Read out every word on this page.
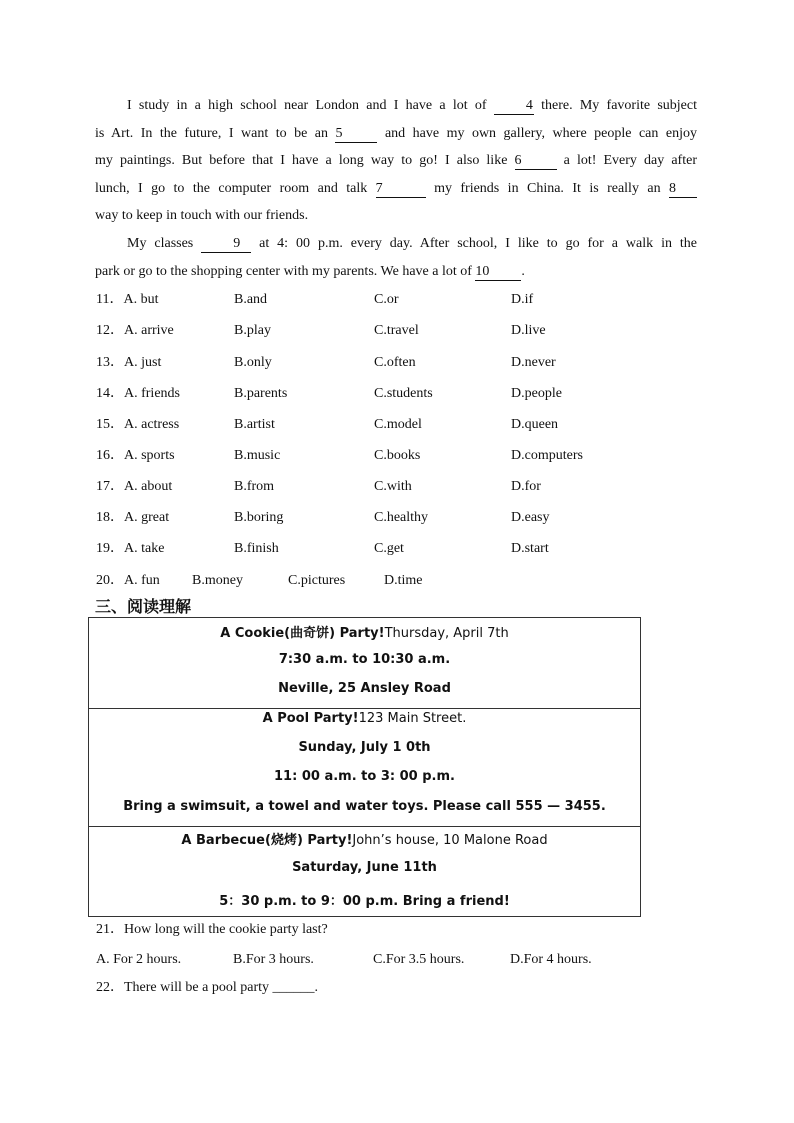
I study in a high school near London and I have a lot of 4 there. My favorite subject
is Art. In the future, I want to be an 5	and have my own gallery, where people can enjoy
my paintings. But before that I have a long way to go! I also like 6	a lot! Every day after
lunch, I go to the computer room and talk 7	my friends in China. It is really an 8
way to keep in touch with our friends.

My classes 9 at 4: 00 p.m. every day. After school, I like to go for a walk in the
park or go to the shopping center with my parents. We have a lot of 10 .

11．A. but	B.and	C.or	D.if
12．A. arrive	B.play	C.travel	D.live
13．A. just	B.only	C.often	D.never
14．A. friends	B.parents	C.students	D.people
15．A. actress	B.artist	C.model	D.queen
16．A. sports	B.music	C.books	D.computers
17．A. about	B.from	C.with	D.for
18．A. great	B.boring	C.healthy	D.easy
19．A. take	B.finish	C.get	D.start
20．A. fun B.money	C.pictures	D.time
三、阅读理解
A Cookie(曲奇饼) Party!Thursday, April 7th
7:30 a.m. to 10:30 a.m.
Neville, 25 Ansley Road
A Pool Party!123 Main Street.
Sunday, July 1 0th
11: 00 a.m. to 3: 00 p.m.
Bring a swimsuit, a towel and water toys. Please call 555 — 3455.
A Barbecue(烧烤) Party!John’s house, 10 Malone Road
Saturday, June 11th
5：30 p.m. to 9：00 p.m. Bring a friend!
21．How long will the cookie party last?
A. For 2 hours.	B.For 3 hours.	C.For 3.5 hours.	D.For 4 hours.
22．There will be a pool party ______.
